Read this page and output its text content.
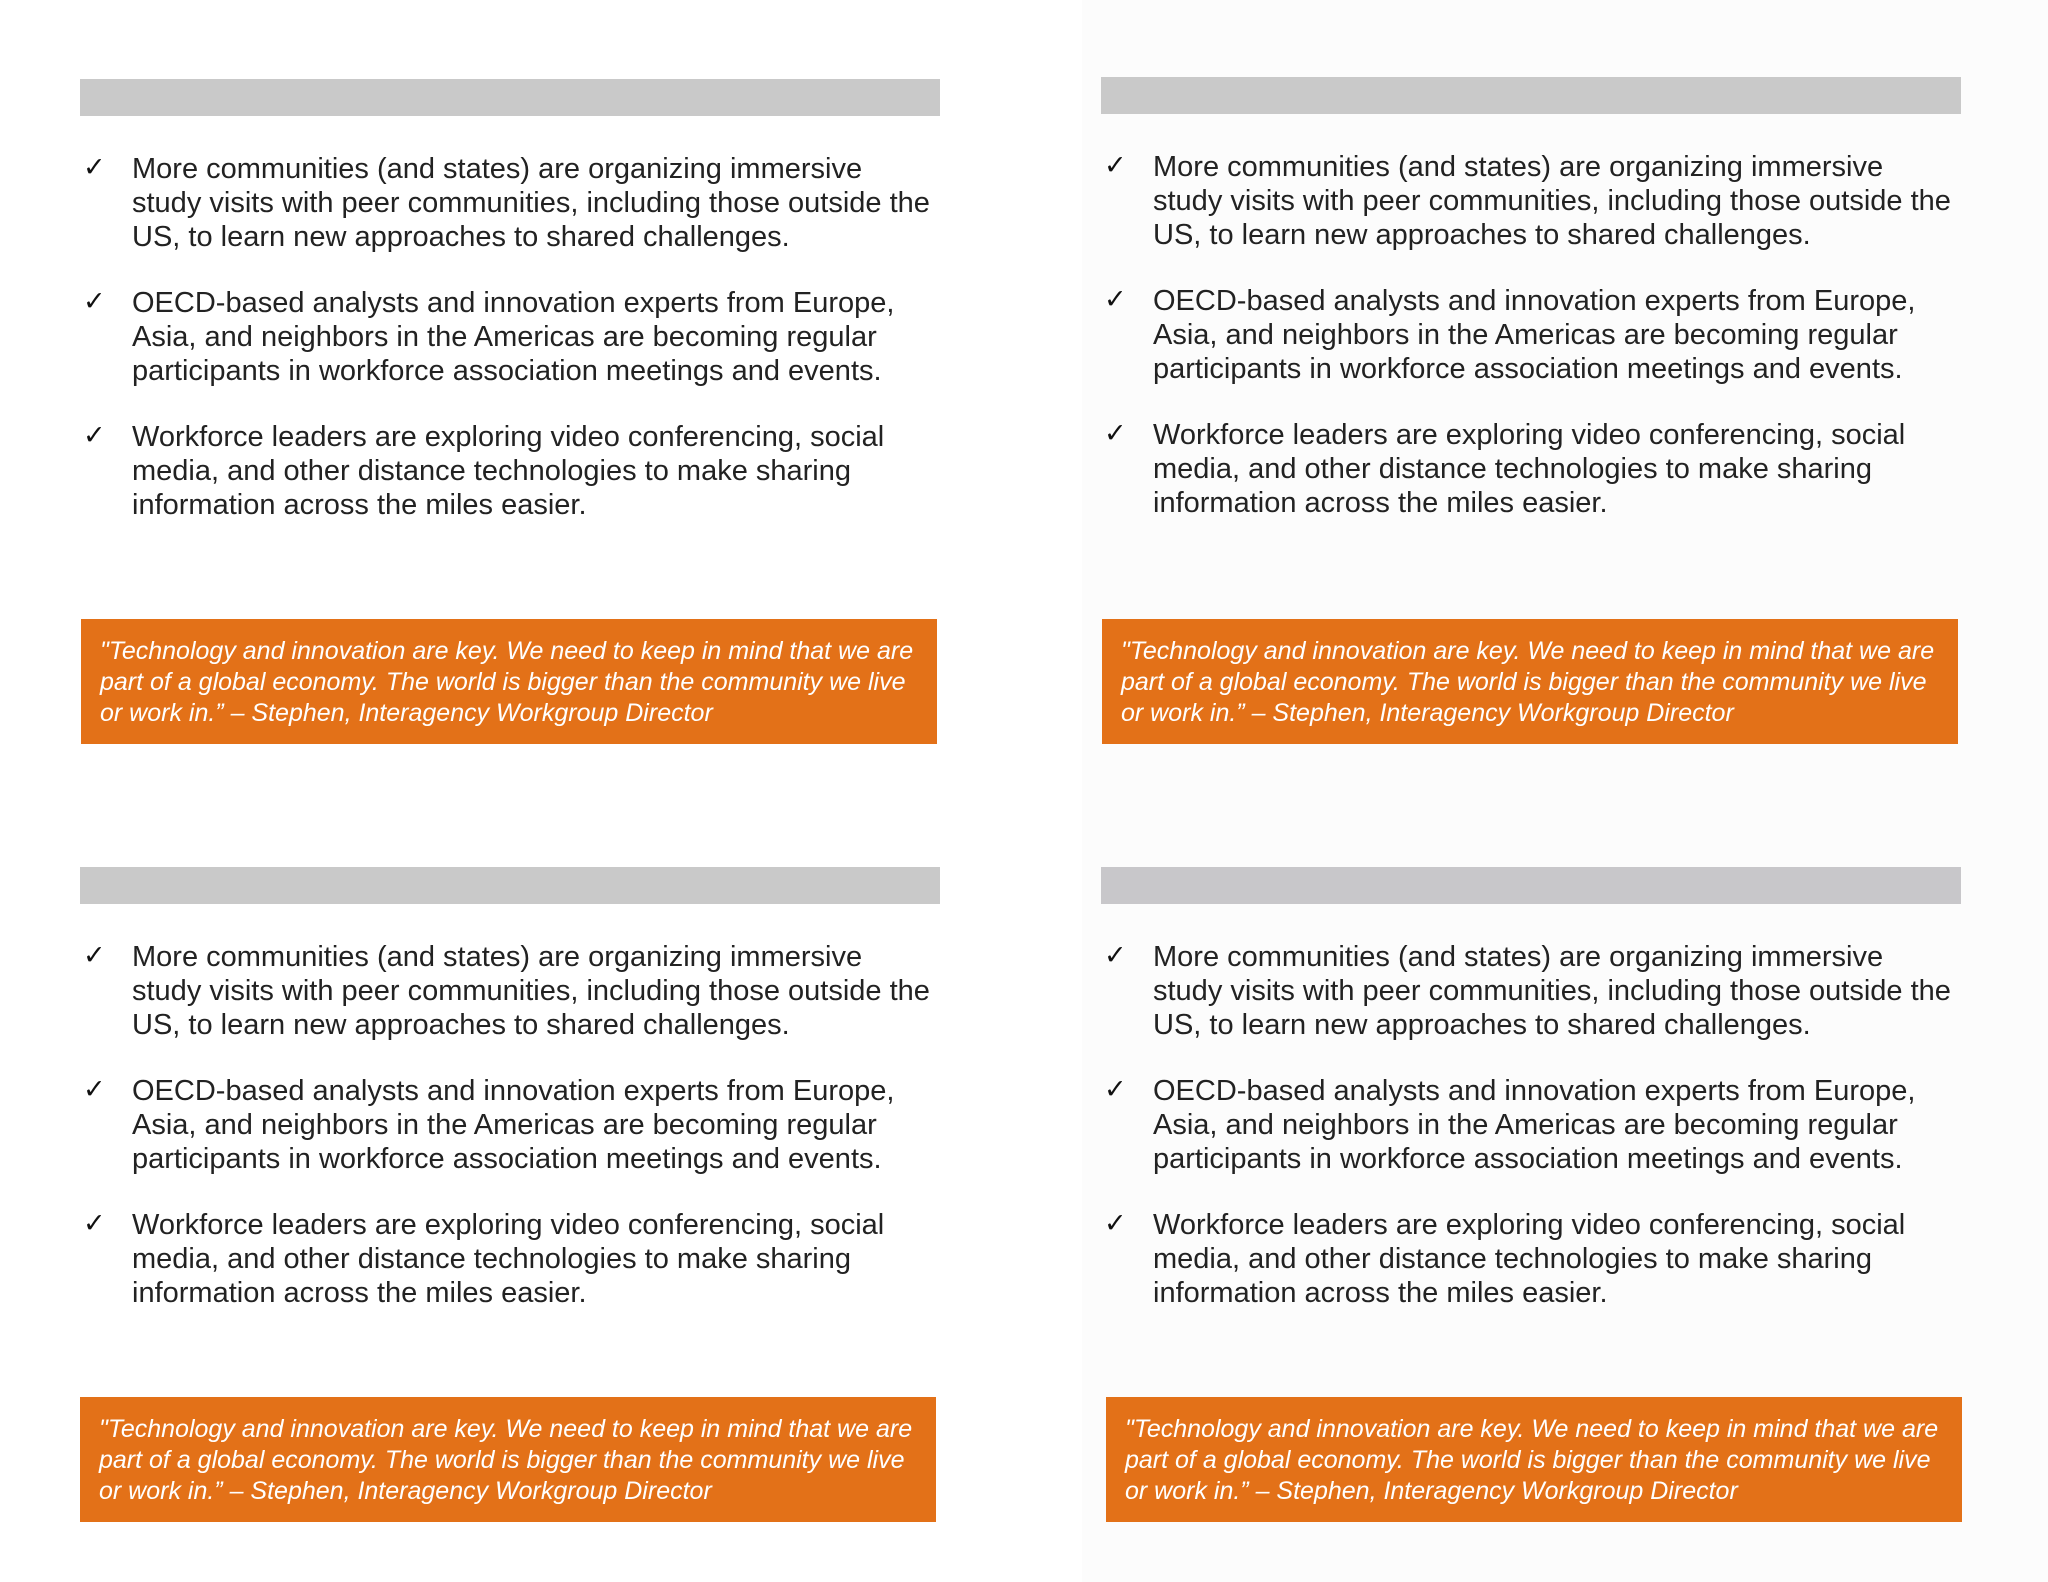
✓ More communities (and states) are organizing immersive study visits with peer communities, including those outside the US, to learn new approaches to shared challenges.
✓ OECD-based analysts and innovation experts from Europe, Asia, and neighbors in the Americas are becoming regular participants in workforce association meetings and events.
✓ Workforce leaders are exploring video conferencing, social media, and other distance technologies to make sharing information across the miles easier.
"Technology and innovation are key. We need to keep in mind that we are part of a global economy. The world is bigger than the community we live or work in.” – Stephen, Interagency Workgroup Director
✓ More communities (and states) are organizing immersive study visits with peer communities, including those outside the US, to learn new approaches to shared challenges.
✓ OECD-based analysts and innovation experts from Europe, Asia, and neighbors in the Americas are becoming regular participants in workforce association meetings and events.
✓ Workforce leaders are exploring video conferencing, social media, and other distance technologies to make sharing information across the miles easier.
"Technology and innovation are key. We need to keep in mind that we are part of a global economy. The world is bigger than the community we live or work in.” – Stephen, Interagency Workgroup Director
✓ More communities (and states) are organizing immersive study visits with peer communities, including those outside the US, to learn new approaches to shared challenges.
✓ OECD-based analysts and innovation experts from Europe, Asia, and neighbors in the Americas are becoming regular participants in workforce association meetings and events.
✓ Workforce leaders are exploring video conferencing, social media, and other distance technologies to make sharing information across the miles easier.
"Technology and innovation are key. We need to keep in mind that we are part of a global economy. The world is bigger than the community we live or work in.” – Stephen, Interagency Workgroup Director
✓ More communities (and states) are organizing immersive study visits with peer communities, including those outside the US, to learn new approaches to shared challenges.
✓ OECD-based analysts and innovation experts from Europe, Asia, and neighbors in the Americas are becoming regular participants in workforce association meetings and events.
✓ Workforce leaders are exploring video conferencing, social media, and other distance technologies to make sharing information across the miles easier.
"Technology and innovation are key. We need to keep in mind that we are part of a global economy. The world is bigger than the community we live or work in.” – Stephen, Interagency Workgroup Director
